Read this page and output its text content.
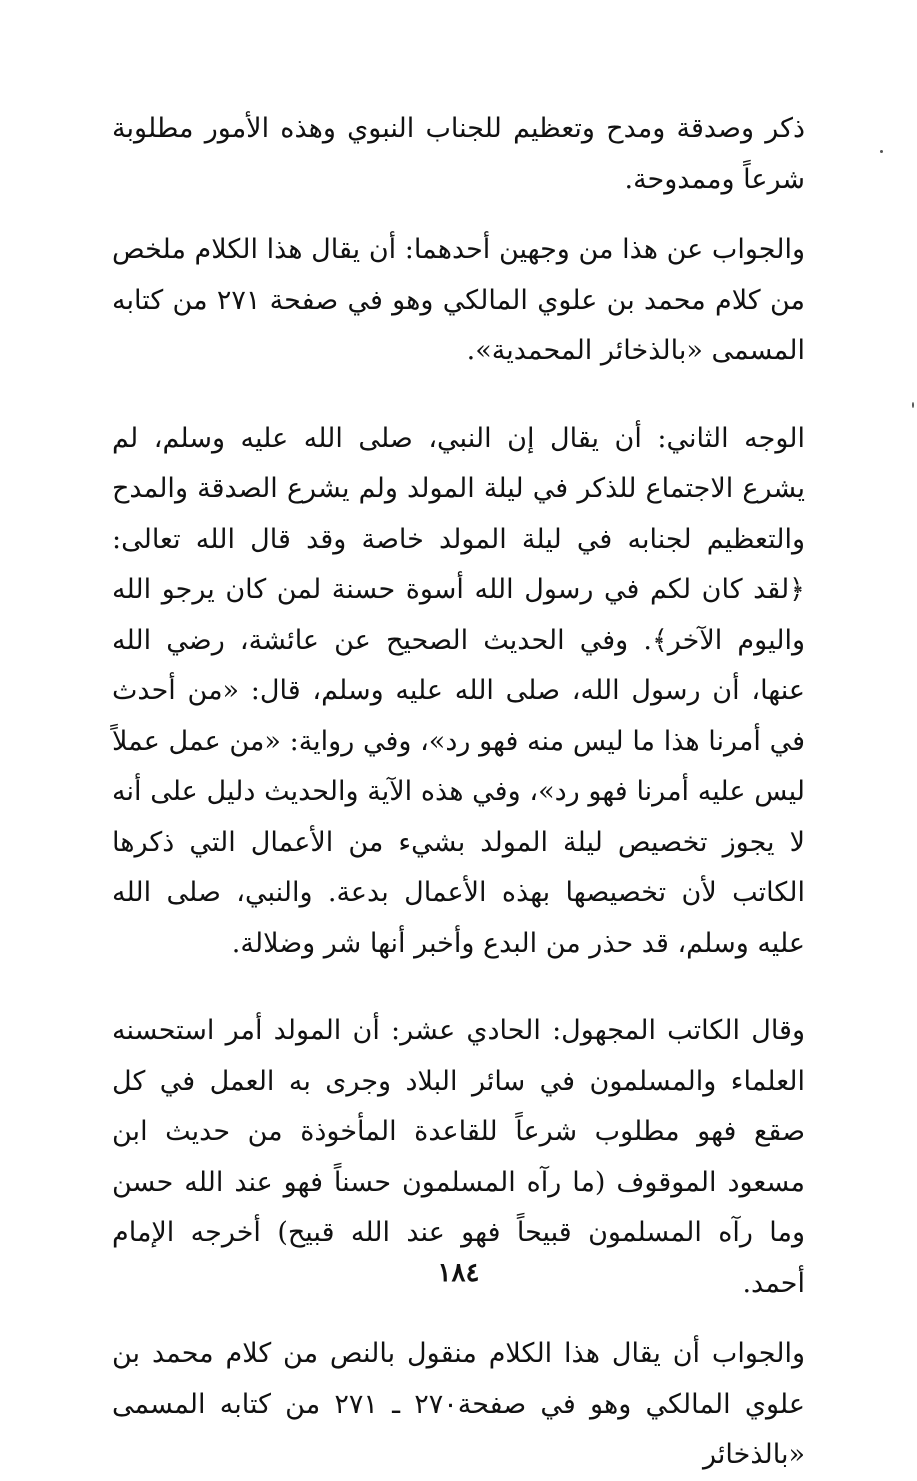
ذكر وصدقة ومدح وتعظيم للجناب النبوي وهذه الأمور مطلوبة شرعاً وممدوحة.

والجواب عن هذا من وجهين أحدهما: أن يقال هذا الكلام ملخص من كلام محمد بن علوي المالكي وهو في صفحة ٢٧١ من كتابه المسمى «بالذخائر المحمدية».

الوجه الثاني: أن يقال إن النبي، صلى الله عليه وسلم، لم يشرع الاجتماع للذكر في ليلة المولد ولم يشرع الصدقة والمدح والتعظيم لجنابه في ليلة المولد خاصة وقد قال الله تعالى: ﴿لقد كان لكم في رسول الله أسوة حسنة لمن كان يرجو الله واليوم الآخر﴾. وفي الحديث الصحيح عن عائشة، رضي الله عنها، أن رسول الله، صلى الله عليه وسلم، قال: «من أحدث في أمرنا هذا ما ليس منه فهو رد»، وفي رواية: «من عمل عملاً ليس عليه أمرنا فهو رد»، وفي هذه الآية والحديث دليل على أنه لا يجوز تخصيص ليلة المولد بشيء من الأعمال التي ذكرها الكاتب لأن تخصيصها بهذه الأعمال بدعة. والنبي، صلى الله عليه وسلم، قد حذر من البدع وأخبر أنها شر وضلالة.

وقال الكاتب المجهول: الحادي عشر: أن المولد أمر استحسنه العلماء والمسلمون في سائر البلاد وجرى به العمل في كل صقع فهو مطلوب شرعاً للقاعدة المأخوذة من حديث ابن مسعود الموقوف (ما رآه المسلمون حسناً فهو عند الله حسن وما رآه المسلمون قبيحاً فهو عند الله قبيح) أخرجه الإمام أحمد.

والجواب أن يقال هذا الكلام منقول بالنص من كلام محمد بن علوي المالكي وهو في صفحة٢٧٠ ـ ٢٧١ من كتابه المسمى «بالذخائر

١٨٤
